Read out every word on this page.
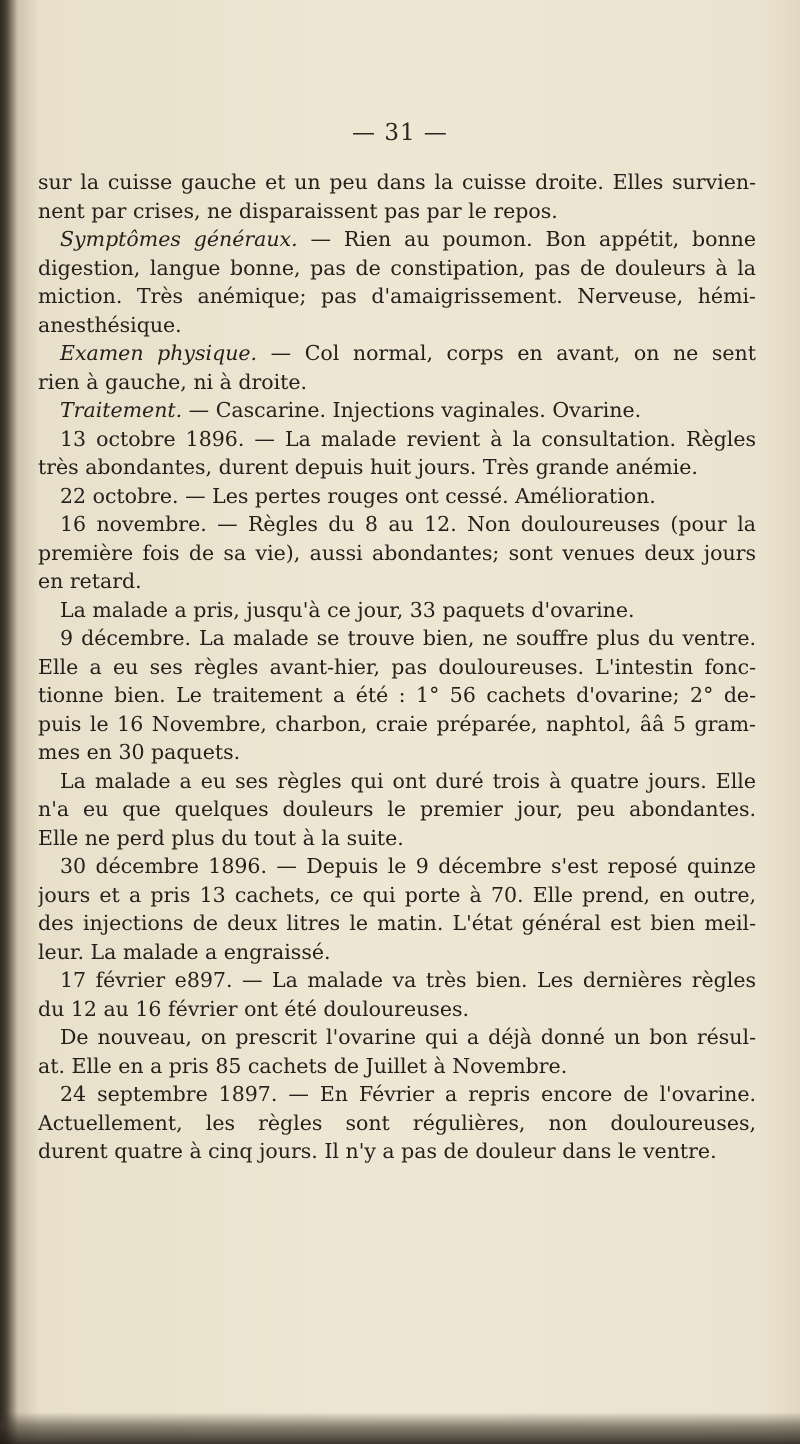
— 31 —
sur la cuisse gauche et un peu dans la cuisse droite. Elles survien-
nent par crises, ne disparaissent pas par le repos.
Symptômes généraux. — Rien au poumon. Bon appétit, bonne
digestion, langue bonne, pas de constipation, pas de douleurs à la
miction. Très anémique; pas d'amaigrissement. Nerveuse, hémi-
anesthésique.
Examen physique. — Col normal, corps en avant, on ne sent
rien à gauche, ni à droite.
Traitement. — Cascarine. Injections vaginales. Ovarine.
13 octobre 1896. — La malade revient à la consultation. Règles
très abondantes, durent depuis huit jours. Très grande anémie.
22 octobre. — Les pertes rouges ont cessé. Amélioration.
16 novembre. — Règles du 8 au 12. Non douloureuses (pour la
première fois de sa vie), aussi abondantes; sont venues deux jours
en retard.
La malade a pris, jusqu'à ce jour, 33 paquets d'ovarine.
9 décembre. La malade se trouve bien, ne souffre plus du ventre.
Elle a eu ses règles avant-hier, pas douloureuses. L'intestin fonc-
tionne bien. Le traitement a été : 1° 56 cachets d'ovarine; 2° de-
puis le 16 Novembre, charbon, craie préparée, naphtol, ââ 5 gram-
mes en 30 paquets.
La malade a eu ses règles qui ont duré trois à quatre jours. Elle
n'a eu que quelques douleurs le premier jour, peu abondantes.
Elle ne perd plus du tout à la suite.
30 décembre 1896. — Depuis le 9 décembre s'est reposé quinze
jours et a pris 13 cachets, ce qui porte à 70. Elle prend, en outre,
des injections de deux litres le matin. L'état général est bien meil-
leur. La malade a engraissé.
17 février e897. — La malade va très bien. Les dernières règles
du 12 au 16 février ont été douloureuses.
De nouveau, on prescrit l'ovarine qui a déjà donné un bon résul-
at. Elle en a pris 85 cachets de Juillet à Novembre.
24 septembre 1897. — En Février a repris encore de l'ovarine.
Actuellement, les règles sont régulières, non douloureuses,
durent quatre à cinq jours. Il n'y a pas de douleur dans le ventre.
